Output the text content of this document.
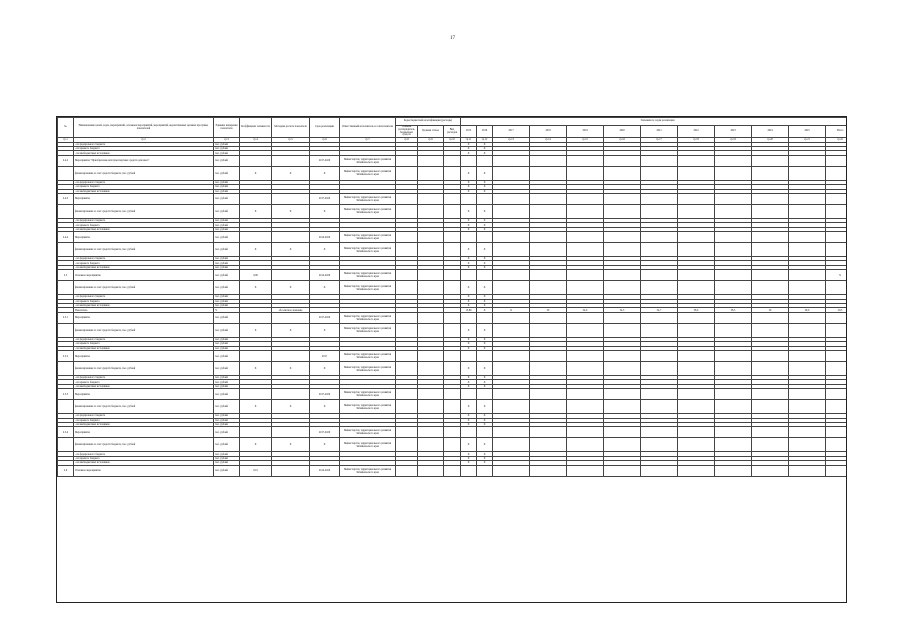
17
№	Наименование целей, задач, мероприятий, основных мероприятий, мероприятий, ведомственных целевых программ, показателей	Единица измерения показателя	Коэффициент значимости	Методика расчета показателя	Срок реализации	Ответственный исполнитель и соисполнители	Коды бюджетной классификации (расходы)			Значения по годам реализации											
							Главный распорядитель бюджетных средств	Целевая статья	Вид расходов	2015	2016	2017	2018	2019	2020	2021	2022	2023	2024	2025	Итого
гр.1	гр.2	гр.3	гр.4	гр.5	гр.6	гр.7	гр.8	гр.9	гр.10	гр.11	гр.12	гр.13	гр.14	гр.15	гр.16	гр.17	гр.18	гр.19	гр.20	гр.21	гр.22
	- из федерального бюджета	тыс. рублей								X	X										
	- из краевого бюджета	тыс. рублей								X	X										
	- из внебюджетных источников	тыс. рублей								X	X										
2.4.2	Мероприятие "Приобретение автотранспортных средств для школ"	тыс. рублей			2017-2020	Министерство территориального развития Забайкальского края															
	финансирование за счет средств бюджета, тыс. рублей	тыс. рублей	X	X	X	Министерство территориального развития Забайкальского края				X	X										
	- из федерального бюджета	тыс. рублей								X	X										
	- из краевого бюджета	тыс. рублей								X	X										
	- из внебюджетных источников	тыс. рублей								X	X										
2.4.3	Мероприятие	тыс. рублей			2017-2020	Министерство территориального развития Забайкальского края															
	финансирование за счет средств бюджета, тыс. рублей	тыс. рублей	X	X	X	Министерство территориального развития Забайкальского края				X	X										
	- из федерального бюджета	тыс. рублей								X	X										
	- из краевого бюджета	тыс. рублей								X	X										
	- из внебюджетных источников	тыс. рублей								X	X										
2.4.4	Мероприятие	тыс. рублей			2014-2020	Министерство территориального развития Забайкальского края															
	финансирование за счет средств бюджета, тыс. рублей	тыс. рублей	X	X	X	Министерство территориального развития Забайкальского края				X	X										
	- из федерального бюджета	тыс. рублей								X	X										
	- из краевого бюджета	тыс. рублей								X	X										
	- из внебюджетных источников	тыс. рублей								X	X										
2.5	Основное мероприятие	тыс. рублей	0,06		2014-2026	Министерство территориального развития Забайкальского края															X
	финансирование за счет средств бюджета, тыс. рублей	тыс. рублей	X	X	X	Министерство территориального развития Забайкальского края				X	X										
	- из федерального бюджета	тыс. рублей								X	X										
	- из краевого бюджета	тыс. рублей								X	X										
	- из внебюджетных источников	тыс. рублей								X	X										
	Показатель	%		абсолютное значение						13,89	X	X	50	54,0	54,5	54,7	58,0	58,5	59	59,0	59,5
2.5.1	Мероприятие	тыс. рублей			2017-2020	Министерство территориального развития Забайкальского края															
	финансирование за счет средств бюджета, тыс. рублей	тыс. рублей	X	X	X	Министерство территориального развития Забайкальского края				X	X										
	- из федерального бюджета	тыс. рублей								X	X										
	- из краевого бюджета	тыс. рублей								X	X										
	- из внебюджетных источников	тыс. рублей								X	X										
2.5.2	Мероприятие	тыс. рублей			2017	Министерство территориального развития Забайкальского края															
	финансирование за счет средств бюджета, тыс. рублей	тыс. рублей	X	X	X	Министерство территориального развития Забайкальского края				X	X										
	- из федерального бюджета	тыс. рублей								X	X										
	- из краевого бюджета	тыс. рублей								X	X										
	- из внебюджетных источников	тыс. рублей								X	X										
2.5.3	Мероприятие	тыс. рублей			2017-2020	Министерство территориального развития Забайкальского края															
	финансирование за счет средств бюджета, тыс. рублей	тыс. рублей	X	X	X	Министерство территориального развития Забайкальского края				X	X										
	- из федерального бюджета	тыс. рублей								X	X										
	- из краевого бюджета	тыс. рублей								X	X										
	- из внебюджетных источников	тыс. рублей								X	X										
2.5.4	Мероприятие	тыс. рублей			2017-2020	Министерство территориального развития Забайкальского края															
	финансирование за счет средств бюджета, тыс. рублей	тыс. рублей	X	X	X	Министерство территориального развития Забайкальского края				X	X										
	- из федерального бюджета	тыс. рублей								X	X										
	- из краевого бюджета	тыс. рублей								X	X										
	- из внебюджетных источников	тыс. рублей								X	X										
2.6	Основное мероприятие	тыс. рублей	0,01		2014-2020	Министерство территориального развития Забайкальского края															
